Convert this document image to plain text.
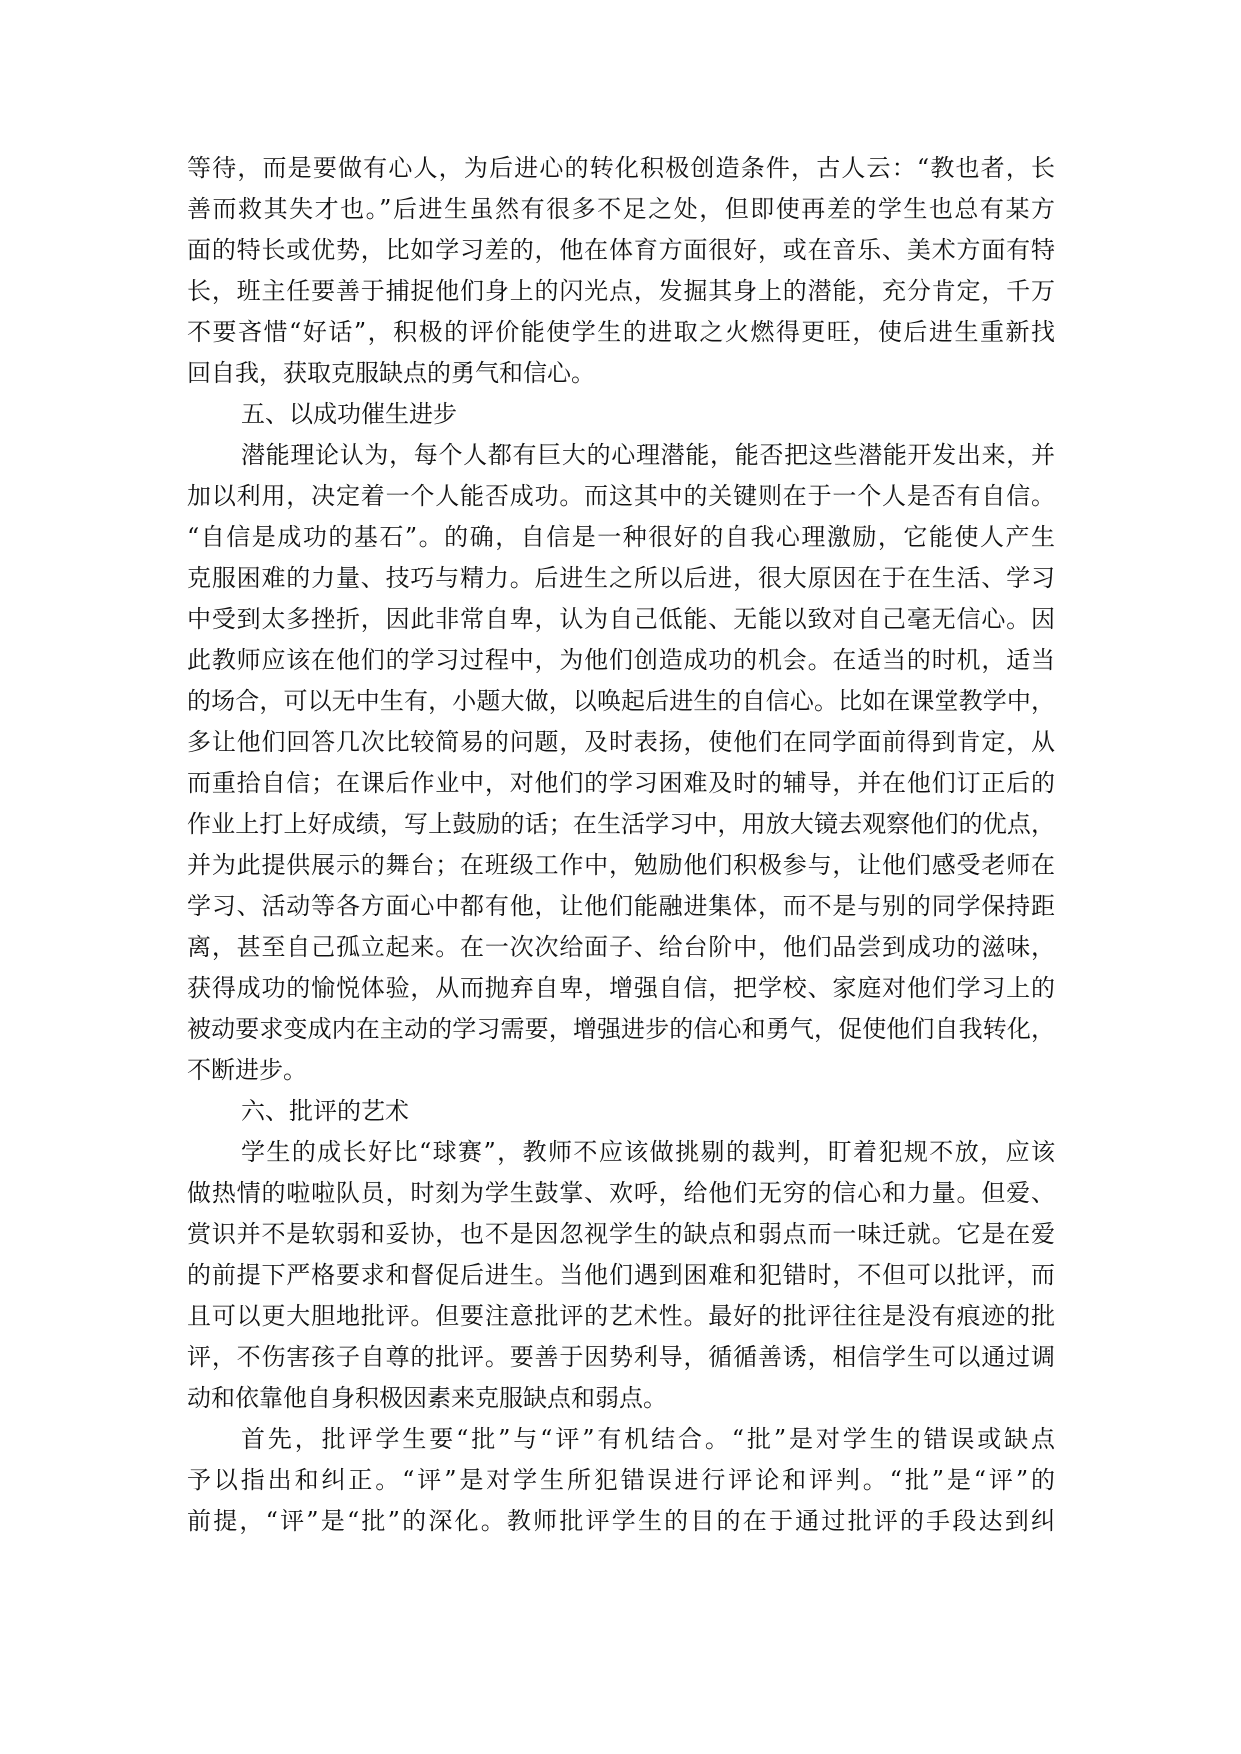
等待，而是要做有心人，为后进心的转化积极创造条件，古人云：“教也者，长
善而救其失才也。”后进生虽然有很多不足之处，但即使再差的学生也总有某方
面的特长或优势，比如学习差的，他在体育方面很好，或在音乐、美术方面有特
长，班主任要善于捕捉他们身上的闪光点，发掘其身上的潜能，充分肯定，千万
不要吝惜“好话”，积极的评价能使学生的进取之火燃得更旺，使后进生重新找
回自我，获取克服缺点的勇气和信心。
五、以成功催生进步
潜能理论认为，每个人都有巨大的心理潜能，能否把这些潜能开发出来，并
加以利用，决定着一个人能否成功。而这其中的关键则在于一个人是否有自信。
“自信是成功的基石”。的确，自信是一种很好的自我心理激励，它能使人产生
克服困难的力量、技巧与精力。后进生之所以后进，很大原因在于在生活、学习
中受到太多挫折，因此非常自卑，认为自己低能、无能以致对自己毫无信心。因
此教师应该在他们的学习过程中，为他们创造成功的机会。在适当的时机，适当
的场合，可以无中生有，小题大做，以唤起后进生的自信心。比如在课堂教学中，
多让他们回答几次比较简易的问题，及时表扬，使他们在同学面前得到肯定，从
而重拾自信；在课后作业中，对他们的学习困难及时的辅导，并在他们订正后的
作业上打上好成绩，写上鼓励的话；在生活学习中，用放大镜去观察他们的优点，
并为此提供展示的舞台；在班级工作中，勉励他们积极参与，让他们感受老师在
学习、活动等各方面心中都有他，让他们能融进集体，而不是与别的同学保持距
离，甚至自己孤立起来。在一次次给面子、给台阶中，他们品尝到成功的滋味，
获得成功的愉悦体验，从而抛弃自卑，增强自信，把学校、家庭对他们学习上的
被动要求变成内在主动的学习需要，增强进步的信心和勇气，促使他们自我转化，
不断进步。
六、批评的艺术
学生的成长好比“球赛”，教师不应该做挑剔的裁判，盯着犯规不放，应该
做热情的啦啦队员，时刻为学生鼓掌、欢呼，给他们无穷的信心和力量。但爱、
赏识并不是软弱和妥协，也不是因忽视学生的缺点和弱点而一味迁就。它是在爱
的前提下严格要求和督促后进生。当他们遇到困难和犯错时，不但可以批评，而
且可以更大胆地批评。但要注意批评的艺术性。最好的批评往往是没有痕迹的批
评，不伤害孩子自尊的批评。要善于因势利导，循循善诱，相信学生可以通过调
动和依靠他自身积极因素来克服缺点和弱点。
首先，批评学生要“批”与“评”有机结合。“批”是对学生的错误或缺点
予以指出和纠正。“评”是对学生所犯错误进行评论和评判。“批”是“评”的
前提，“评”是“批”的深化。教师批评学生的目的在于通过批评的手段达到纠
